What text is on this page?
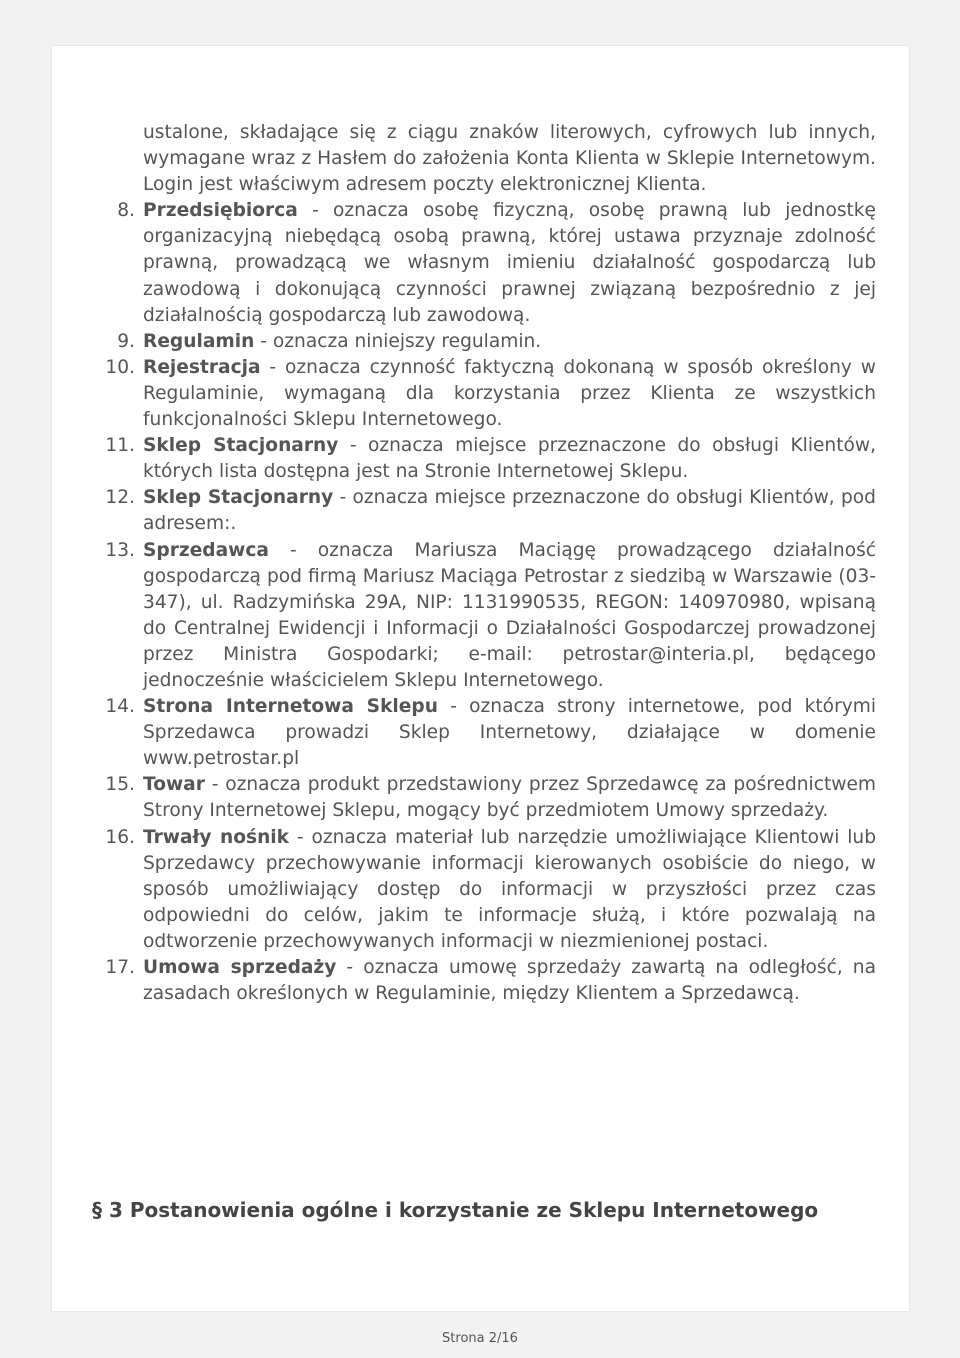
ustalone, składające się z ciągu znaków literowych, cyfrowych lub innych, wymagane wraz z Hasłem do założenia Konta Klienta w Sklepie Internetowym. Login jest właściwym adresem poczty elektronicznej Klienta.

8. Przedsiębiorca - oznacza osobę fizyczną, osobę prawną lub jednostkę organizacyjną niebędącą osobą prawną, której ustawa przyznaje zdolność prawną, prowadzącą we własnym imieniu działalność gospodarczą lub zawodową i dokonującą czynności prawnej związaną bezpośrednio z jej działalnością gospodarczą lub zawodową.
9. Regulamin - oznacza niniejszy regulamin.
10. Rejestracja - oznacza czynność faktyczną dokonaną w sposób określony w Regulaminie, wymaganą dla korzystania przez Klienta ze wszystkich funkcjonalności Sklepu Internetowego.
11. Sklep Stacjonarny - oznacza miejsce przeznaczone do obsługi Klientów, których lista dostępna jest na Stronie Internetowej Sklepu.
12. Sklep Stacjonarny - oznacza miejsce przeznaczone do obsługi Klientów, pod adresem:.
13. Sprzedawca - oznacza Mariusza Maciągę prowadzącego działalność gospodarczą pod firmą Mariusz Maciąga Petrostar z siedzibą w Warszawie (03-347), ul. Radzymińska 29A, NIP: 1131990535, REGON: 140970980, wpisaną do Centralnej Ewidencji i Informacji o Działalności Gospodarczej prowadzonej przez Ministra Gospodarki; e-mail: petrostar@interia.pl, będącego jednocześnie właścicielem Sklepu Internetowego.
14. Strona Internetowa Sklepu - oznacza strony internetowe, pod którymi Sprzedawca prowadzi Sklep Internetowy, działające w domenie www.petrostar.pl
15. Towar - oznacza produkt przedstawiony przez Sprzedawcę za pośrednictwem Strony Internetowej Sklepu, mogący być przedmiotem Umowy sprzedaży.
16. Trwały nośnik - oznacza materiał lub narzędzie umożliwiające Klientowi lub Sprzedawcy przechowywanie informacji kierowanych osobiście do niego, w sposób umożliwiający dostęp do informacji w przyszłości przez czas odpowiedni do celów, jakim te informacje służą, i które pozwalają na odtworzenie przechowywanych informacji w niezmienionej postaci.
17. Umowa sprzedaży - oznacza umowę sprzedaży zawartą na odległość, na zasadach określonych w Regulaminie, między Klientem a Sprzedawcą.
§ 3 Postanowienia ogólne i korzystanie ze Sklepu Internetowego
Strona 2/16
